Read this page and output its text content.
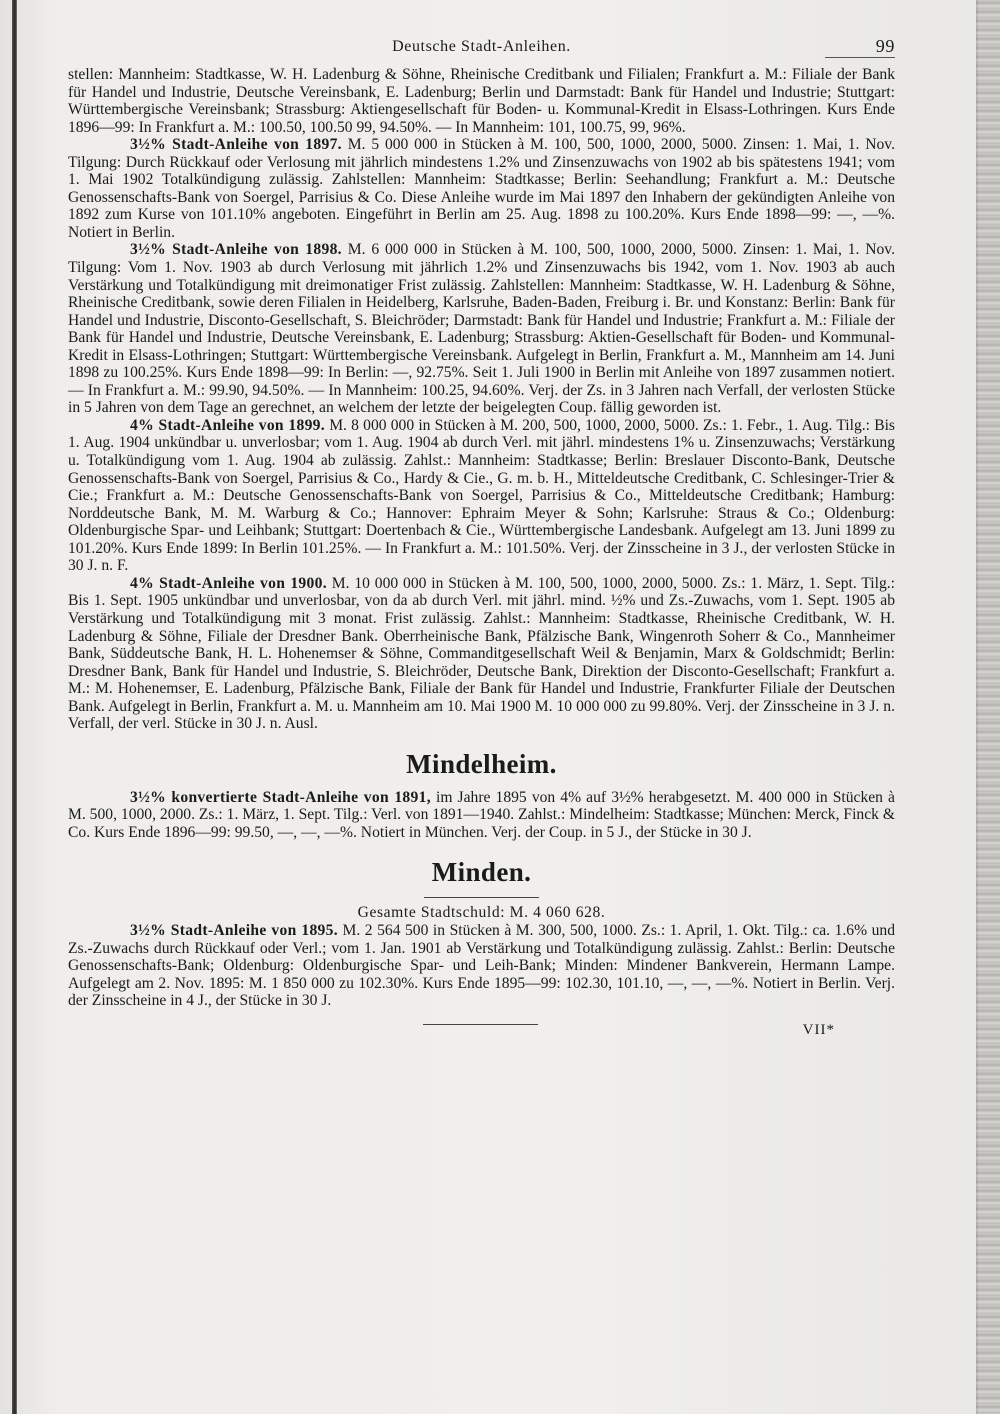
Deutsche Stadt-Anleihen.	99

stellen: Mannheim: Stadtkasse, W. H. Ladenburg & Söhne, Rheinische Creditbank und Filialen; Frankfurt a. M.: Filiale der Bank für Handel und Industrie, Deutsche Vereinsbank, E. Ladenburg; Berlin und Darmstadt: Bank für Handel und Industrie; Stuttgart: Württembergische Vereinsbank; Strassburg: Aktiengesellschaft für Boden- u. Kommunal-Kredit in Elsass-Lothringen. Kurs Ende 1896—99: In Frankfurt a. M.: 100.50, 100.50 99, 94.50%. — In Mannheim: 101, 100.75, 99, 96%.

3½% Stadt-Anleihe von 1897. M. 5 000 000 in Stücken à M. 100, 500, 1000, 2000, 5000. Zinsen: 1. Mai, 1. Nov. Tilgung: Durch Rückkauf oder Verlosung mit jährlich mindestens 1.2% und Zinsenzuwachs von 1902 ab bis spätestens 1941; vom 1. Mai 1902 Totalkündigung zulässig. Zahlstellen: Mannheim: Stadtkasse; Berlin: Seehandlung; Frankfurt a. M.: Deutsche Genossenschafts-Bank von Soergel, Parrisius & Co. Diese Anleihe wurde im Mai 1897 den Inhabern der gekündigten Anleihe von 1892 zum Kurse von 101.10% angeboten. Eingeführt in Berlin am 25. Aug. 1898 zu 100.20%. Kurs Ende 1898—99: —, —%. Notiert in Berlin.

3½% Stadt-Anleihe von 1898. M. 6 000 000 in Stücken à M. 100, 500, 1000, 2000, 5000. Zinsen: 1. Mai, 1. Nov. Tilgung: Vom 1. Nov. 1903 ab durch Verlosung mit jährlich 1.2% und Zinsenzuwachs bis 1942, vom 1. Nov. 1903 ab auch Verstärkung und Totalkündigung mit dreimonatiger Frist zulässig. Zahlstellen: Mannheim: Stadtkasse, W. H. Ladenburg & Söhne, Rheinische Creditbank, sowie deren Filialen in Heidelberg, Karlsruhe, Baden-Baden, Freiburg i. Br. und Konstanz: Berlin: Bank für Handel und Industrie, Disconto-Gesellschaft, S. Bleichröder; Darmstadt: Bank für Handel und Industrie; Frankfurt a. M.: Filiale der Bank für Handel und Industrie, Deutsche Vereinsbank, E. Ladenburg; Strassburg: Aktien-Gesellschaft für Boden- und Kommunal-Kredit in Elsass-Lothringen; Stuttgart: Württembergische Vereinsbank. Aufgelegt in Berlin, Frankfurt a. M., Mannheim am 14. Juni 1898 zu 100.25%. Kurs Ende 1898—99: In Berlin: —, 92.75%. Seit 1. Juli 1900 in Berlin mit Anleihe von 1897 zusammen notiert. — In Frankfurt a. M.: 99.90, 94.50%. — In Mannheim: 100.25, 94.60%. Verj. der Zs. in 3 Jahren nach Verfall, der verlosten Stücke in 5 Jahren von dem Tage an gerechnet, an welchem der letzte der beigelegten Coup. fällig geworden ist.

4% Stadt-Anleihe von 1899. M. 8 000 000 in Stücken à M. 200, 500, 1000, 2000, 5000. Zs.: 1. Febr., 1. Aug. Tilg.: Bis 1. Aug. 1904 unkündbar u. unverlosbar; vom 1. Aug. 1904 ab durch Verl. mit jährl. mindestens 1% u. Zinsenzuwachs; Verstärkung u. Totalkündigung vom 1. Aug. 1904 ab zulässig. Zahlst.: Mannheim: Stadtkasse; Berlin: Breslauer Disconto-Bank, Deutsche Genossenschafts-Bank von Soergel, Parrisius & Co., Hardy & Cie., G. m. b. H., Mitteldeutsche Creditbank, C. Schlesinger-Trier & Cie.; Frankfurt a. M.: Deutsche Genossenschafts-Bank von Soergel, Parrisius & Co., Mitteldeutsche Creditbank; Hamburg: Norddeutsche Bank, M. M. Warburg & Co.; Hannover: Ephraim Meyer & Sohn; Karlsruhe: Straus & Co.; Oldenburg: Oldenburgische Spar- und Leihbank; Stuttgart: Doertenbach & Cie., Württembergische Landesbank. Aufgelegt am 13. Juni 1899 zu 101.20%. Kurs Ende 1899: In Berlin 101.25%. — In Frankfurt a. M.: 101.50%. Verj. der Zinsscheine in 3 J., der verlosten Stücke in 30 J. n. F.

4% Stadt-Anleihe von 1900. M. 10 000 000 in Stücken à M. 100, 500, 1000, 2000, 5000. Zs.: 1. März, 1. Sept. Tilg.: Bis 1. Sept. 1905 unkündbar und unverlosbar, von da ab durch Verl. mit jährl. mind. ½% und Zs.-Zuwachs, vom 1. Sept. 1905 ab Verstärkung und Totalkündigung mit 3 monat. Frist zulässig. Zahlst.: Mannheim: Stadtkasse, Rheinische Creditbank, W. H. Ladenburg & Söhne, Filiale der Dresdner Bank. Oberrheinische Bank, Pfälzische Bank, Wingenroth Soherr & Co., Mannheimer Bank, Süddeutsche Bank, H. L. Hohenemser & Söhne, Commanditgesellschaft Weil & Benjamin, Marx & Goldschmidt; Berlin: Dresdner Bank, Bank für Handel und Industrie, S. Bleichröder, Deutsche Bank, Direktion der Disconto-Gesellschaft; Frankfurt a. M.: M. Hohenemser, E. Ladenburg, Pfälzische Bank, Filiale der Bank für Handel und Industrie, Frankfurter Filiale der Deutschen Bank. Aufgelegt in Berlin, Frankfurt a. M. u. Mannheim am 10. Mai 1900 M. 10 000 000 zu 99.80%. Verj. der Zinsscheine in 3 J. n. Verfall, der verl. Stücke in 30 J. n. Ausl.

Mindelheim.

3½% konvertierte Stadt-Anleihe von 1891, im Jahre 1895 von 4% auf 3½% herabgesetzt. M. 400 000 in Stücken à M. 500, 1000, 2000. Zs.: 1. März, 1. Sept. Tilg.: Verl. von 1891—1940. Zahlst.: Mindelheim: Stadtkasse; München: Merck, Finck & Co. Kurs Ende 1896—99: 99.50, —, —, —%. Notiert in München. Verj. der Coup. in 5 J., der Stücke in 30 J.

Minden.
Gesamte Stadtschuld: M. 4 060 628.

3½% Stadt-Anleihe von 1895. M. 2 564 500 in Stücken à M. 300, 500, 1000. Zs.: 1. April, 1. Okt. Tilg.: ca. 1.6% und Zs.-Zuwachs durch Rückkauf oder Verl.; vom 1. Jan. 1901 ab Verstärkung und Totalkündigung zulässig. Zahlst.: Berlin: Deutsche Genossenschafts-Bank; Oldenburg: Oldenburgische Spar- und Leih-Bank; Minden: Mindener Bankverein, Hermann Lampe. Aufgelegt am 2. Nov. 1895: M. 1 850 000 zu 102.30%. Kurs Ende 1895—99: 102.30, 101.10, —, —, —%. Notiert in Berlin. Verj. der Zinsscheine in 4 J., der Stücke in 30 J.

VII*
